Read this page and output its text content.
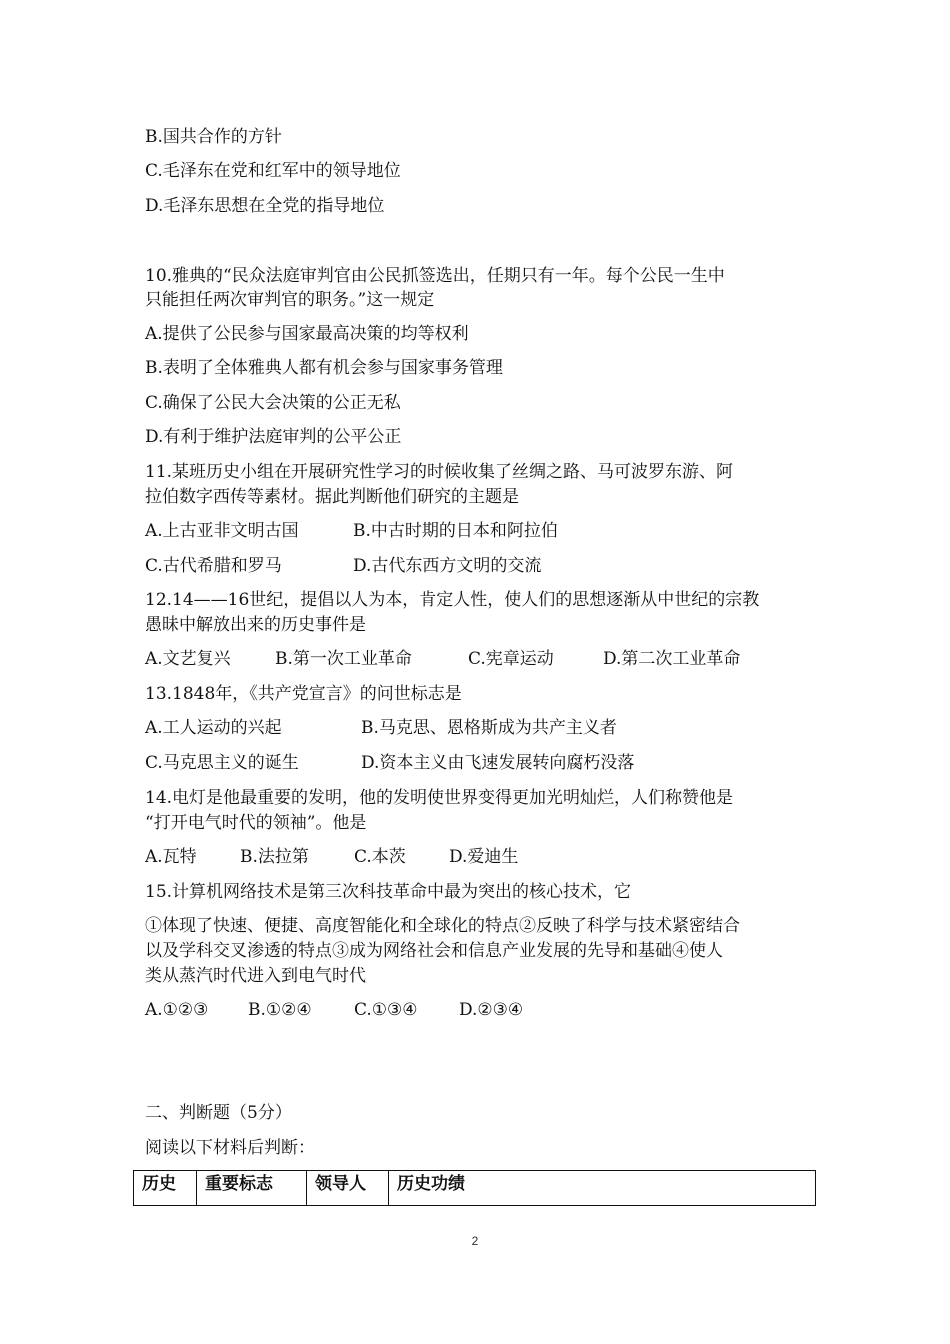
B.国共合作的方针
C.毛泽东在党和红军中的领导地位
D.毛泽东思想在全党的指导地位
10.雅典的“民众法庭审判官由公民抓签选出，任期只有一年。每个公民一生中
只能担任两次审判官的职务。”这一规定
A.提供了公民参与国家最高决策的均等权利
B.表明了全体雅典人都有机会参与国家事务管理
C.确保了公民大会决策的公正无私
D.有利于维护法庭审判的公平公正
11.某班历史小组在开展研究性学习的时候收集了丝绸之路、马可波罗东游、阿
拉伯数字西传等素材。据此判断他们研究的主题是
A.上古亚非文明古国	B.中古时期的日本和阿拉伯
C.古代希腊和罗马	D.古代东西方文明的交流
12.14——16世纪，提倡以人为本，肯定人性，使人们的思想逐渐从中世纪的宗教
愚昧中解放出来的历史事件是
A.文艺复兴	B.第一次工业革命	C.宪章运动	D.第二次工业革命
13.1848年，《共产党宣言》的问世标志是
A.工人运动的兴起	B.马克思、恩格斯成为共产主义者
C.马克思主义的诞生	D.资本主义由飞速发展转向腐朽没落
14.电灯是他最重要的发明，他的发明使世界变得更加光明灿烂，人们称赞他是
“打开电气时代的领袖”。他是
A.瓦特	B.法拉第	C.本茨	D.爱迪生
15.计算机网络技术是第三次科技革命中最为突出的核心技术，它
①体现了快速、便捷、高度智能化和全球化的特点②反映了科学与技术紧密结合
以及学科交叉渗透的特点③成为网络社会和信息产业发展的先导和基础④使人
类从蒸汽时代进入到电气时代
A.①②③ B.①②④ C.①③④ D.②③④
二、判断题（5分）
阅读以下材料后判断：
历史	重要标志	领导人	历史功绩
2
